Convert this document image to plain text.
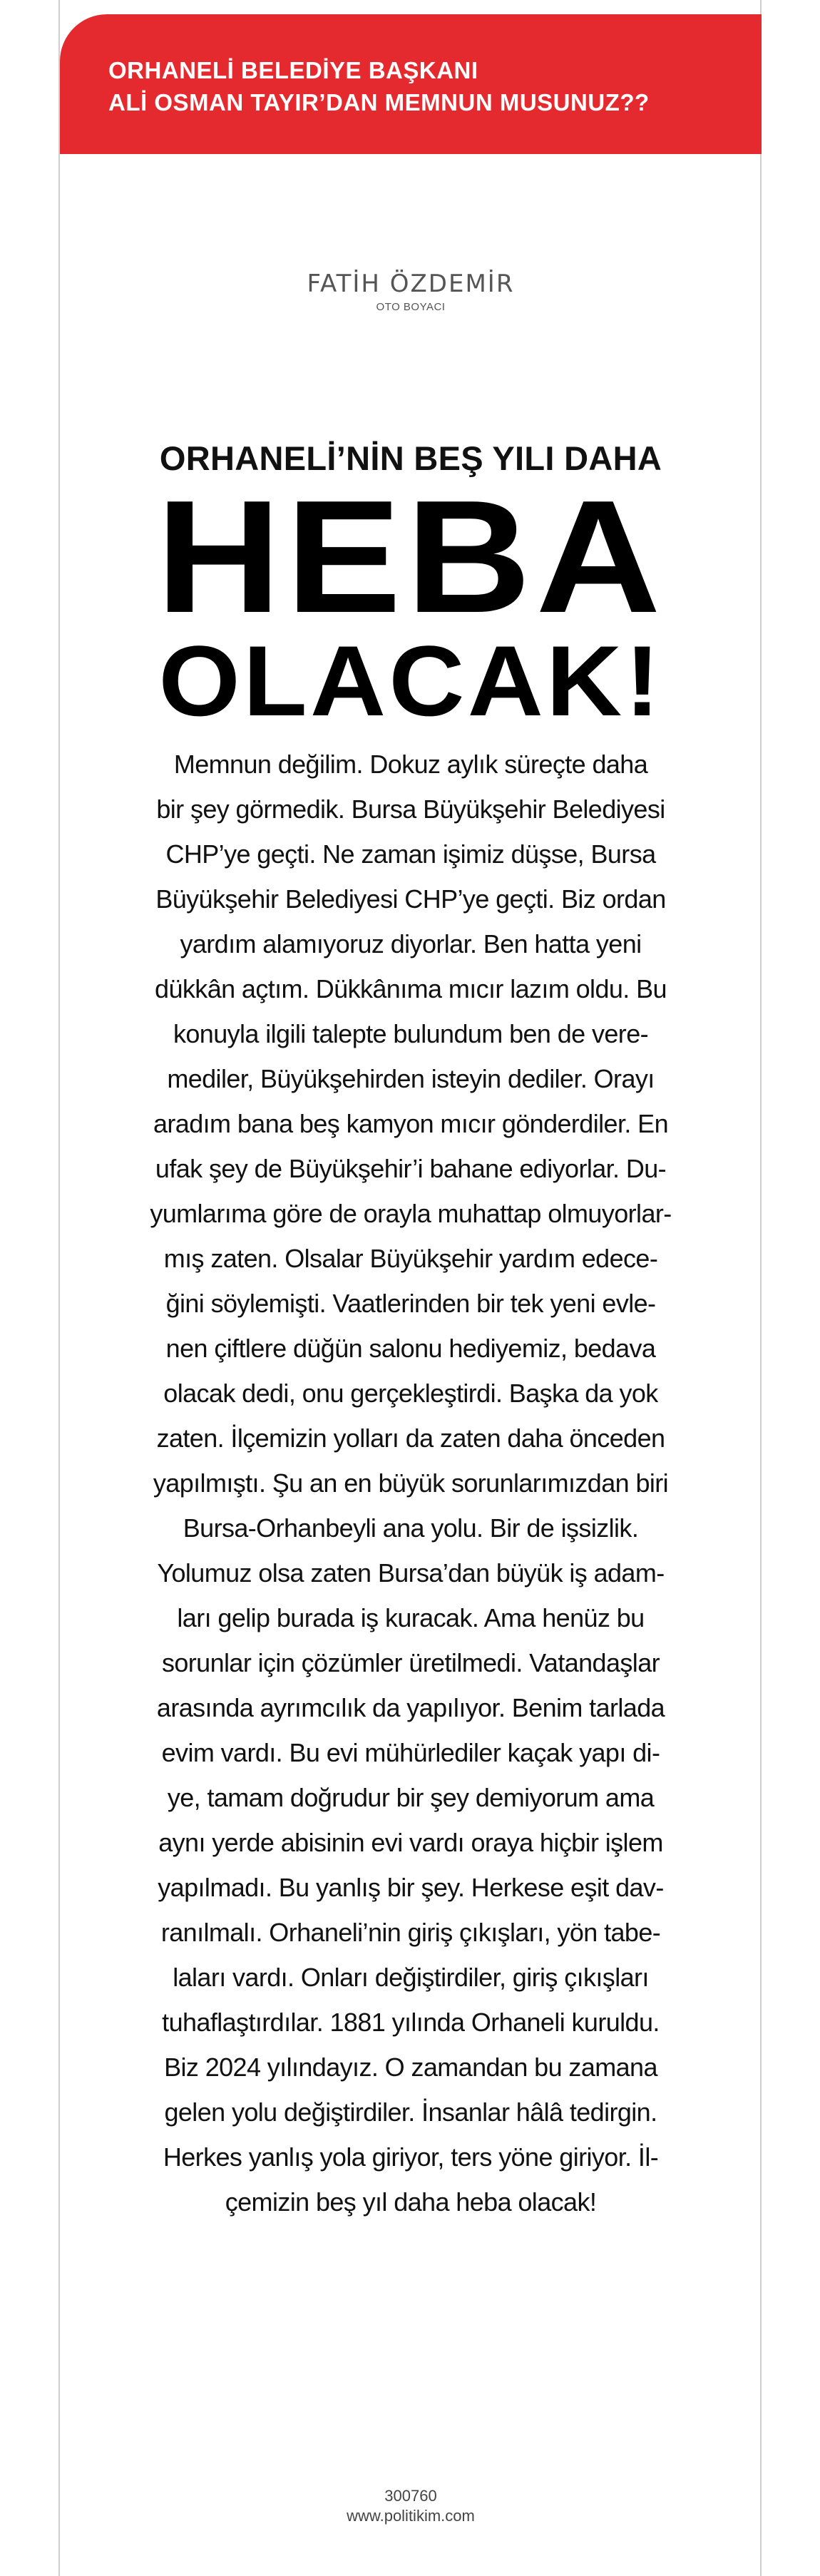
ORHANELİ BELEDİYE BAŞKANI
ALİ OSMAN TAYIR’DAN MEMNUN MUSUNUZ??
FATİH ÖZDEMİR
OTO BOYACI
ORHANELİ’NİN BEŞ YILI DAHA
HEBA
OLACAK!
Memnun değilim. Dokuz aylık süreçte daha
bir şey görmedik. Bursa Büyükşehir Belediyesi
CHP’ye geçti. Ne zaman işimiz düşse, Bursa
Büyükşehir Belediyesi CHP’ye geçti. Biz ordan
yardım alamıyoruz diyorlar. Ben hatta yeni
dükkân açtım. Dükkânıma mıcır lazım oldu. Bu
konuyla ilgili talepte bulundum ben de vere-
mediler, Büyükşehirden isteyin dediler. Orayı
aradım bana beş kamyon mıcır gönderdiler. En
ufak şey de Büyükşehir’i bahane ediyorlar. Du-
yumlarıma göre de orayla muhattap olmuyorlar-
mış zaten. Olsalar Büyükşehir yardım edece-
ğini söylemişti. Vaatlerinden bir tek yeni evle-
nen çiftlere düğün salonu hediyemiz, bedava
olacak dedi, onu gerçekleştirdi. Başka da yok
zaten. İlçemizin yolları da zaten daha önceden
yapılmıştı. Şu an en büyük sorunlarımızdan biri
Bursa-Orhanbeyli ana yolu. Bir de işsizlik.
Yolumuz olsa zaten Bursa’dan büyük iş adam-
ları gelip burada iş kuracak. Ama henüz bu
sorunlar için çözümler üretilmedi. Vatandaşlar
arasında ayrımcılık da yapılıyor. Benim tarlada
evim vardı. Bu evi mühürlediler kaçak yapı di-
ye, tamam doğrudur bir şey demiyorum ama
aynı yerde abisinin evi vardı oraya hiçbir işlem
yapılmadı. Bu yanlış bir şey. Herkese eşit dav-
ranılmalı. Orhaneli’nin giriş çıkışları, yön tabe-
laları vardı. Onları değiştirdiler, giriş çıkışları
tuhaflaştırdılar. 1881 yılında Orhaneli kuruldu.
Biz 2024 yılındayız. O zamandan bu zamana
gelen yolu değiştirdiler. İnsanlar hâlâ tedirgin.
Herkes yanlış yola giriyor, ters yöne giriyor. İl-
çemizin beş yıl daha heba olacak!
300760
www.politikim.com
